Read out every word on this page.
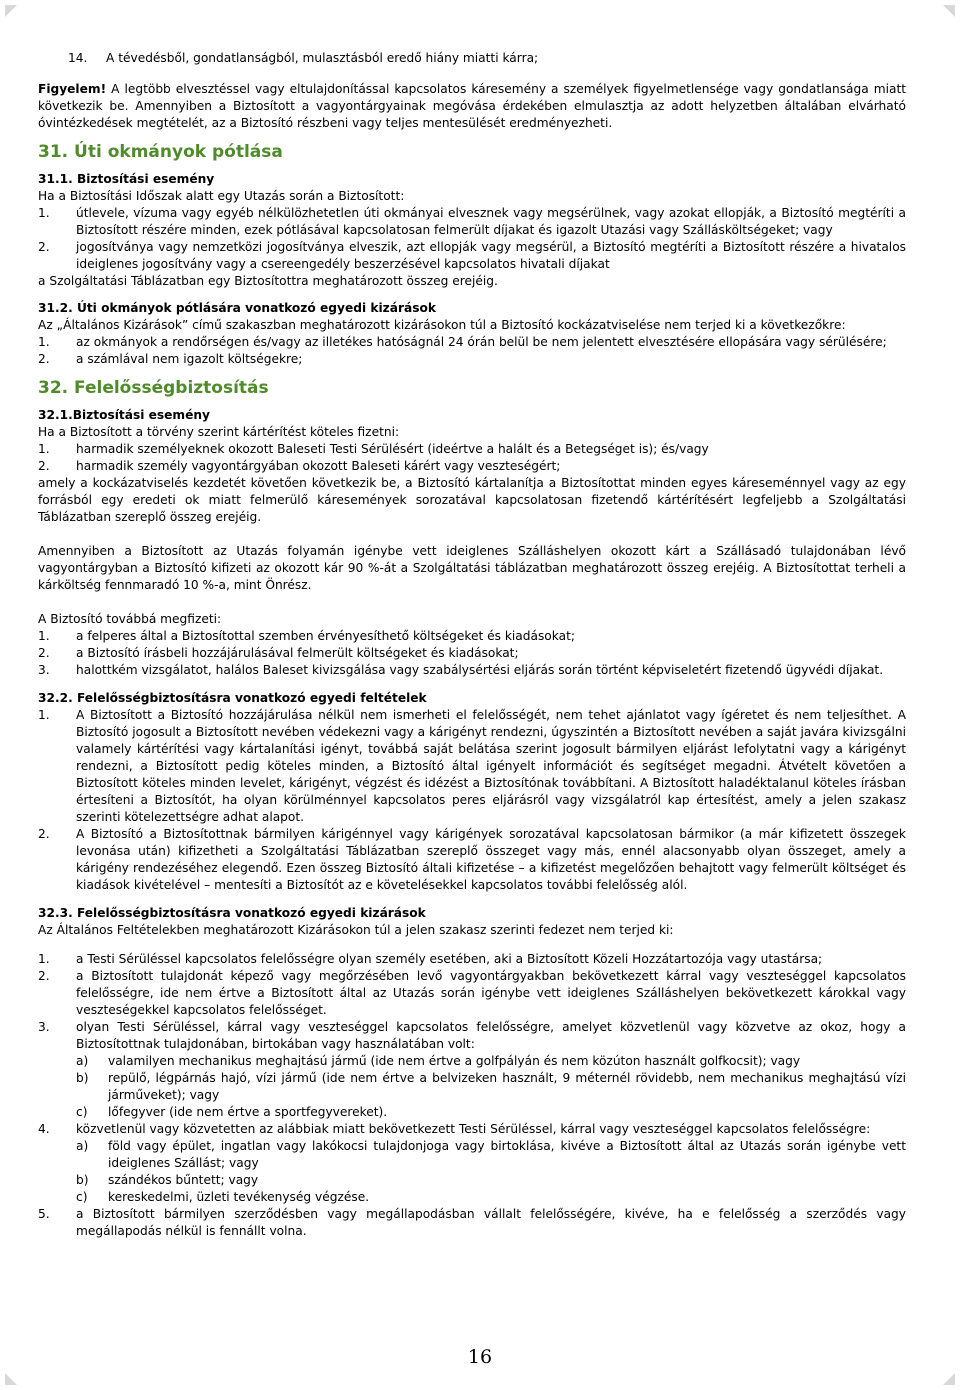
14. A tévedésből, gondatlanságból, mulasztásból eredő hiány miatti kárra;

Figyelem! A legtöbb elvesztéssel vagy eltulajdonítással kapcsolatos káresemény a személyek figyelmetlensége vagy gondatlansága miatt következik be. Amennyiben a Biztosított a vagyontárgyainak megóvása érdekében elmulasztja az adott helyzetben általában elvárható óvintézkedések megtételét, az a Biztosító részbeni vagy teljes mentesülését eredményezheti.

31. Úti okmányok pótlása

31.1. Biztosítási esemény

Ha a Biztosítási Időszak alatt egy Utazás során a Biztosított:

1. útlevele, vízuma vagy egyéb nélkülözhetetlen úti okmányai elvesznek vagy megsérülnek, vagy azokat ellopják, a Biztosító megtéríti a Biztosított részére minden, ezek pótlásával kapcsolatosan felmerült díjakat és igazolt Utazási vagy Szállásköltségeket; vagy
2. jogosítványa vagy nemzetközi jogosítványa elveszik, azt ellopják vagy megsérül, a Biztosító megtéríti a Biztosított részére a hivatalos ideiglenes jogosítvány vagy a csereengedély beszerzésével kapcsolatos hivatali díjakat

a Szolgáltatási Táblázatban egy Biztosítottra meghatározott összeg erejéig.

31.2. Úti okmányok pótlására vonatkozó egyedi kizárások

Az „Általános Kizárások” című szakaszban meghatározott kizárásokon túl a Biztosító kockázatviselése nem terjed ki a következőkre:

1. az okmányok a rendőrségen és/vagy az illetékes hatóságnál 24 órán belül be nem jelentett elvesztésére ellopására vagy sérülésére;
2. a számlával nem igazolt költségekre;

32. Felelősségbiztosítás

32.1.Biztosítási esemény

Ha a Biztosított a törvény szerint kártérítést köteles fizetni:

1. harmadik személyeknek okozott Baleseti Testi Sérülésért (ideértve a halált és a Betegséget is); és/vagy
2. harmadik személy vagyontárgyában okozott Baleseti kárért vagy veszteségért;

amely a kockázatviselés kezdetét követően következik be, a Biztosító kártalanítja a Biztosítottat minden egyes káreseménnyel vagy az egy forrásból egy eredeti ok miatt felmerülő káresemények sorozatával kapcsolatosan fizetendő kártérítésért legfeljebb a Szolgáltatási Táblázatban szereplő összeg erejéig.

Amennyiben a Biztosított az Utazás folyamán igénybe vett ideiglenes Szálláshelyen okozott kárt a Szállásadó tulajdonában lévő vagyontárgyban a Biztosító kifizeti az okozott kár 90 %-át a Szolgáltatási táblázatban meghatározott összeg erejéig. A Biztosítottat terheli a kárköltség fennmaradó 10 %-a, mint Önrész.

A Biztosító továbbá megfizeti:

1. a felperes által a Biztosítottal szemben érvényesíthető költségeket és kiadásokat;
2. a Biztosító írásbeli hozzájárulásával felmerült költségeket és kiadásokat;
3. halottkém vizsgálatot, halálos Baleset kivizsgálása vagy szabálysértési eljárás során történt képviseletért fizetendő ügyvédi díjakat.

32.2. Felelősségbiztosításra vonatkozó egyedi feltételek

1. A Biztosított a Biztosító hozzájárulása nélkül nem ismerheti el felelősségét, nem tehet ajánlatot vagy ígéretet és nem teljesíthet. A Biztosító jogosult a Biztosított nevében védekezni vagy a kárigényt rendezni, úgyszintén a Biztosított nevében a saját javára kivizsgálni valamely kártérítési vagy kártalanítási igényt, továbbá saját belátása szerint jogosult bármilyen eljárást lefolytatni vagy a kárigényt rendezni, a Biztosított pedig köteles minden, a Biztosító által igényelt információt és segítséget megadni. Átvételt követően a Biztosított köteles minden levelet, kárigényt, végzést és idézést a Biztosítónak továbbítani. A Biztosított haladéktalanul köteles írásban értesíteni a Biztosítót, ha olyan körülménnyel kapcsolatos peres eljárásról vagy vizsgálatról kap értesítést, amely a jelen szakasz szerinti kötelezettségre adhat alapot.
2. A Biztosító a Biztosítottnak bármilyen kárigénnyel vagy kárigények sorozatával kapcsolatosan bármikor (a már kifizetett összegek levonása után) kifizetheti a Szolgáltatási Táblázatban szereplő összeget vagy más, ennél alacsonyabb olyan összeget, amely a kárigény rendezéséhez elegendő. Ezen összeg Biztosító általi kifizetése – a kifizetést megelőzően behajtott vagy felmerült költséget és kiadások kivételével – mentesíti a Biztosítót az e követelésekkel kapcsolatos további felelősség alól.

32.3. Felelősségbiztosításra vonatkozó egyedi kizárások

Az Általános Feltételekben meghatározott Kizárásokon túl a jelen szakasz szerinti fedezet nem terjed ki:

1. a Testi Sérüléssel kapcsolatos felelősségre olyan személy esetében, aki a Biztosított Közeli Hozzátartozója vagy utastársa;
2. a Biztosított tulajdonát képező vagy megőrzésében levő vagyontárgyakban bekövetkezett kárral vagy veszteséggel kapcsolatos felelősségre, ide nem értve a Biztosított által az Utazás során igénybe vett ideiglenes Szálláshelyen bekövetkezett károkkal vagy veszteségekkel kapcsolatos felelősséget.
3. olyan Testi Sérüléssel, kárral vagy veszteséggel kapcsolatos felelősségre, amelyet közvetlenül vagy közvetve az okoz, hogy a Biztosítottnak tulajdonában, birtokában vagy használatában volt:
a) valamilyen mechanikus meghajtású jármű (ide nem értve a golfpályán és nem közúton használt golfkocsit); vagy
b) repülő, légpárnás hajó, vízi jármű (ide nem értve a belvizeken használt, 9 méternél rövidebb, nem mechanikus meghajtású vízi járműveket); vagy
c) lőfegyver (ide nem értve a sportfegyvereket).
4. közvetlenül vagy közvetetten az alábbiak miatt bekövetkezett Testi Sérüléssel, kárral vagy veszteséggel kapcsolatos felelősségre:
a) föld vagy épület, ingatlan vagy lakókocsi tulajdonjoga vagy birtoklása, kivéve a Biztosított által az Utazás során igénybe vett ideiglenes Szállást; vagy
b) szándékos bűntett; vagy
c) kereskedelmi, üzleti tevékenység végzése.
5. a Biztosított bármilyen szerződésben vagy megállapodásban vállalt felelősségére, kivéve, ha e felelősség a szerződés vagy megállapodás nélkül is fennállt volna.
16
